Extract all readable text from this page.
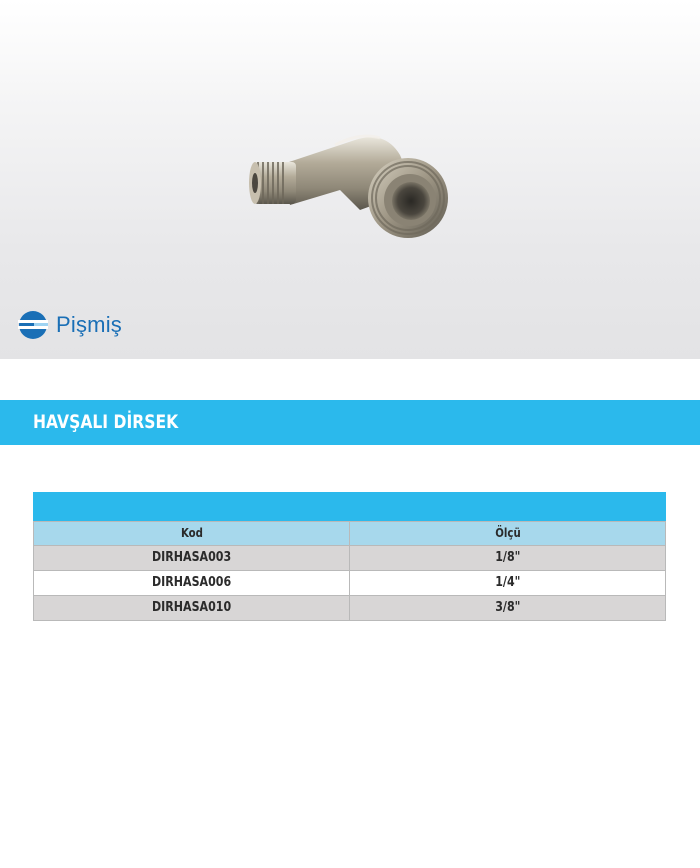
Pişmiş
HAVŞALI DİRSEK
Kod	Ölçü
DIRHASA003	1/8"
DIRHASA006	1/4"
DIRHASA010	3/8"
